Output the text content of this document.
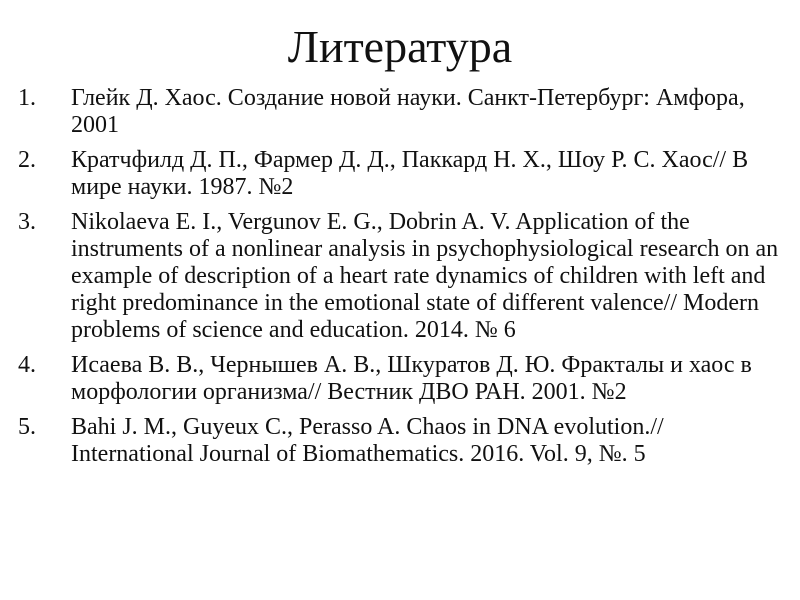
Литература
1.	Глейк Д. Хаос. Создание новой науки. Санкт-Петербург: Амфора, 2001
2.	Кратчфилд Д. П., Фармер Д. Д., Паккард Н. Х., Шоу Р. С. Хаос// В мире науки. 1987. №2
3.	Nikolaeva E. I., Vergunov E. G., Dobrin A. V. Application of the instruments of a nonlinear analysis in psychophysiological research on an example of description of a heart rate dynamics of children with left and right predominance in the emotional state of different valence// Modern problems of science and education. 2014. № 6
4.	Исаева В. В., Чернышев А. В., Шкуратов Д. Ю. Фракталы и хаос в морфологии организма// Вестник ДВО РАН. 2001. №2
5.	Bahi J. M., Guyeux C., Perasso A. Chaos in DNA evolution.// International Journal of Biomathematics. 2016. Vol. 9, №. 5
